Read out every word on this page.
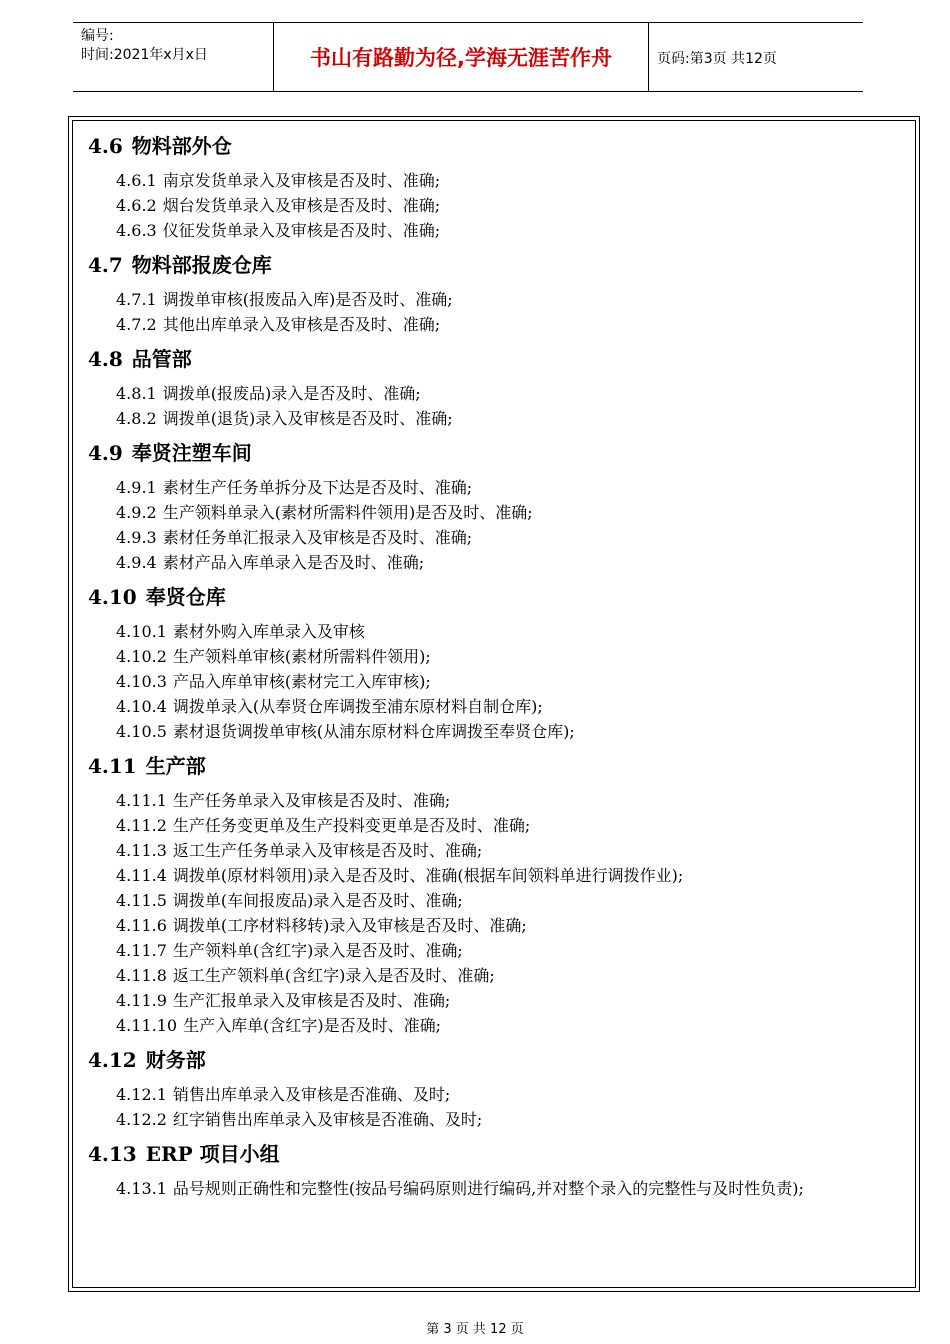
编号:
时间:2021年x月x日	书山有路勤为径,学海无涯苦作舟	页码:第3页 共12页
4.6 物料部外仓
4.6.1 南京发货单录入及审核是否及时、准确;
4.6.2 烟台发货单录入及审核是否及时、准确;
4.6.3 仪征发货单录入及审核是否及时、准确;
4.7 物料部报废仓库
4.7.1 调拨单审核(报废品入库)是否及时、准确;
4.7.2 其他出库单录入及审核是否及时、准确;
4.8 品管部
4.8.1 调拨单(报废品)录入是否及时、准确;
4.8.2 调拨单(退货)录入及审核是否及时、准确;
4.9 奉贤注塑车间
4.9.1 素材生产任务单拆分及下达是否及时、准确;
4.9.2 生产领料单录入(素材所需料件领用)是否及时、准确;
4.9.3 素材任务单汇报录入及审核是否及时、准确;
4.9.4 素材产品入库单录入是否及时、准确;
4.10 奉贤仓库
4.10.1 素材外购入库单录入及审核
4.10.2 生产领料单审核(素材所需料件领用);
4.10.3 产品入库单审核(素材完工入库审核);
4.10.4 调拨单录入(从奉贤仓库调拨至浦东原材料自制仓库);
4.10.5 素材退货调拨单审核(从浦东原材料仓库调拨至奉贤仓库);
4.11 生产部
4.11.1 生产任务单录入及审核是否及时、准确;
4.11.2 生产任务变更单及生产投料变更单是否及时、准确;
4.11.3 返工生产任务单录入及审核是否及时、准确;
4.11.4 调拨单(原材料领用)录入是否及时、准确(根据车间领料单进行调拨作业);
4.11.5 调拨单(车间报废品)录入是否及时、准确;
4.11.6 调拨单(工序材料移转)录入及审核是否及时、准确;
4.11.7 生产领料单(含红字)录入是否及时、准确;
4.11.8 返工生产领料单(含红字)录入是否及时、准确;
4.11.9 生产汇报单录入及审核是否及时、准确;
4.11.10 生产入库单(含红字)是否及时、准确;
4.12 财务部
4.12.1 销售出库单录入及审核是否准确、及时;
4.12.2 红字销售出库单录入及审核是否准确、及时;
4.13 ERP 项目小组
4.13.1 品号规则正确性和完整性(按品号编码原则进行编码,并对整个录入的完整性与及时性负责);
第 3 页 共 12 页
